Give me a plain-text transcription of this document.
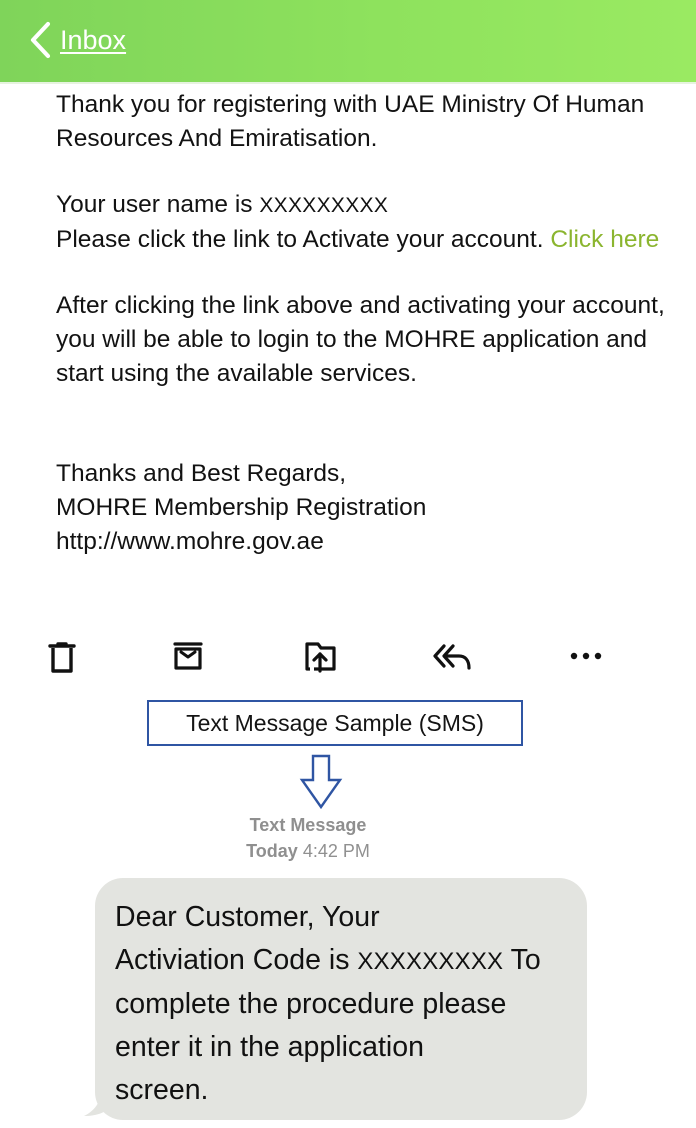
Inbox

Thank you for registering with UAE Ministry Of Human Resources And Emiratisation.

Your user name is XXXXXXXXX

Please click the link to Activate your account. Click here

After clicking the link above and activating your account, you will be able to login to the MOHRE application and start using the available services.

Thanks and Best Regards,

MOHRE Membership Registration

http://www.mohre.gov.ae

Text Message Sample (SMS)
Text Message
Today 4:42 PM
Dear Customer, Your
Activiation Code is XXXXXXXXX To
complete the procedure please
enter it in the application
screen.
